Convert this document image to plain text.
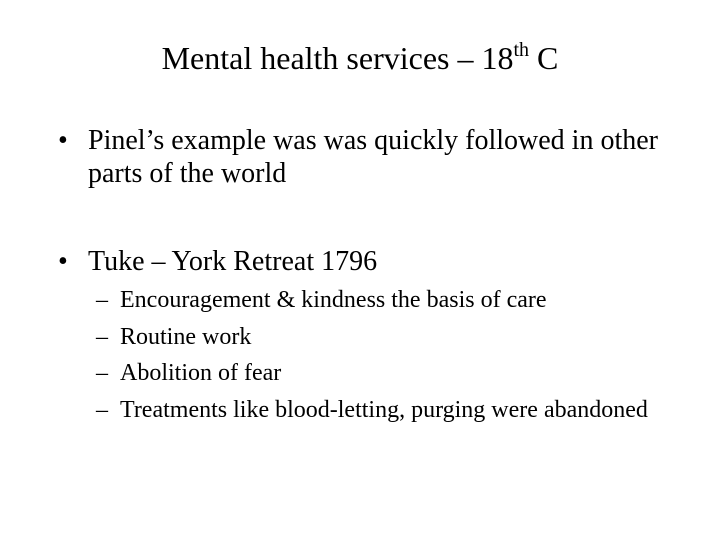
Mental health services – 18th C
• Pinel’s example was was quickly followed in other parts of the world
• Tuke – York Retreat 1796
– Encouragement & kindness the basis of care
– Routine work
– Abolition of fear
– Treatments like blood-letting, purging were abandoned
